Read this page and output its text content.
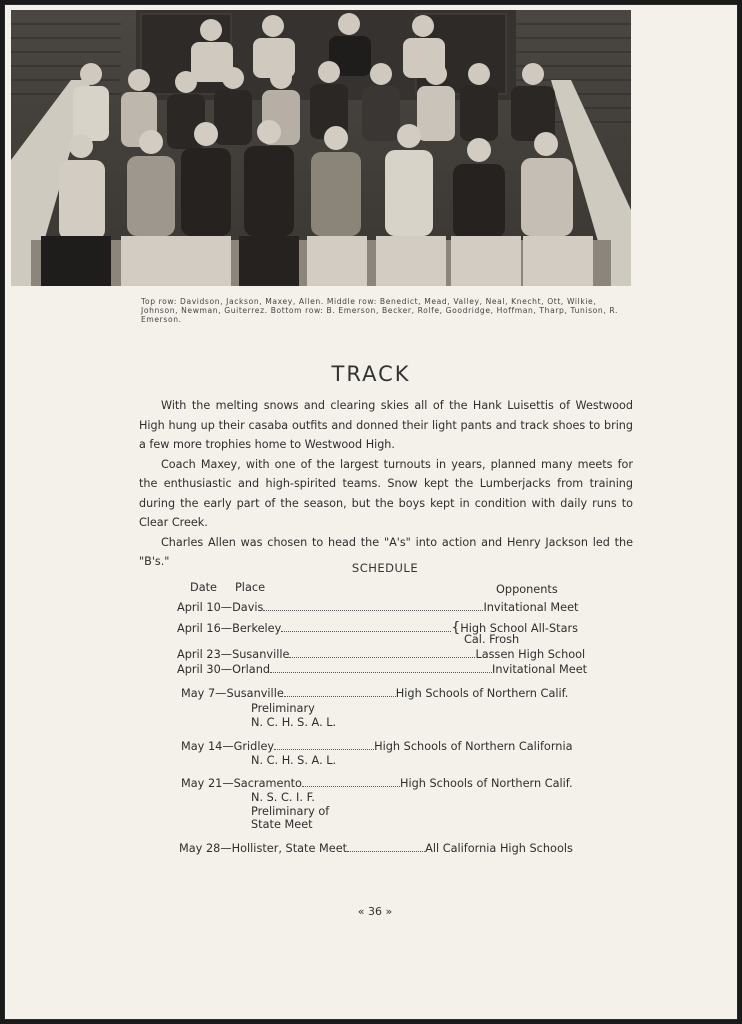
Top row: Davidson, Jackson, Maxey, Allen. Middle row: Benedict, Mead, Valley, Neal, Knecht, Ott, Wilkie, Johnson, Newman, Guiterrez. Bottom row: B. Emerson, Becker, Rolfe, Goodridge, Hoffman, Tharp, Tunison, R. Emerson.
TRACK

With the melting snows and clearing skies all of the Hank Luisettis of Westwood High hung up their casaba outfits and donned their light pants and track shoes to bring a few more trophies home to Westwood High.

Coach Maxey, with one of the largest turnouts in years, planned many meets for the enthusiastic and high-spirited teams. Snow kept the Lumberjacks from training during the early part of the season, but the boys kept in condition with daily runs to Clear Creek.

Charles Allen was chosen to head the "A's" into action and Henry Jackson led the "B's."	SCHEDULE
Date Place	Opponents
April 10—Davis	Invitational Meet
April 16—Berkeley	{High School All-Stars
Cal. Frosh
April 23—Susanville	Lassen High School
April 30—Orland	Invitational Meet
May 7—Susanville	High Schools of Northern Calif.
Preliminary
N. C. H. S. A. L.
May 14—Gridley	High Schools of Northern California
N. C. H. S. A. L.
May 21—Sacramento	High Schools of Northern Calif.
N. S. C. I. F.
Preliminary of
State Meet
May 28—Hollister, State Meet	All California High Schools
« 36 »
